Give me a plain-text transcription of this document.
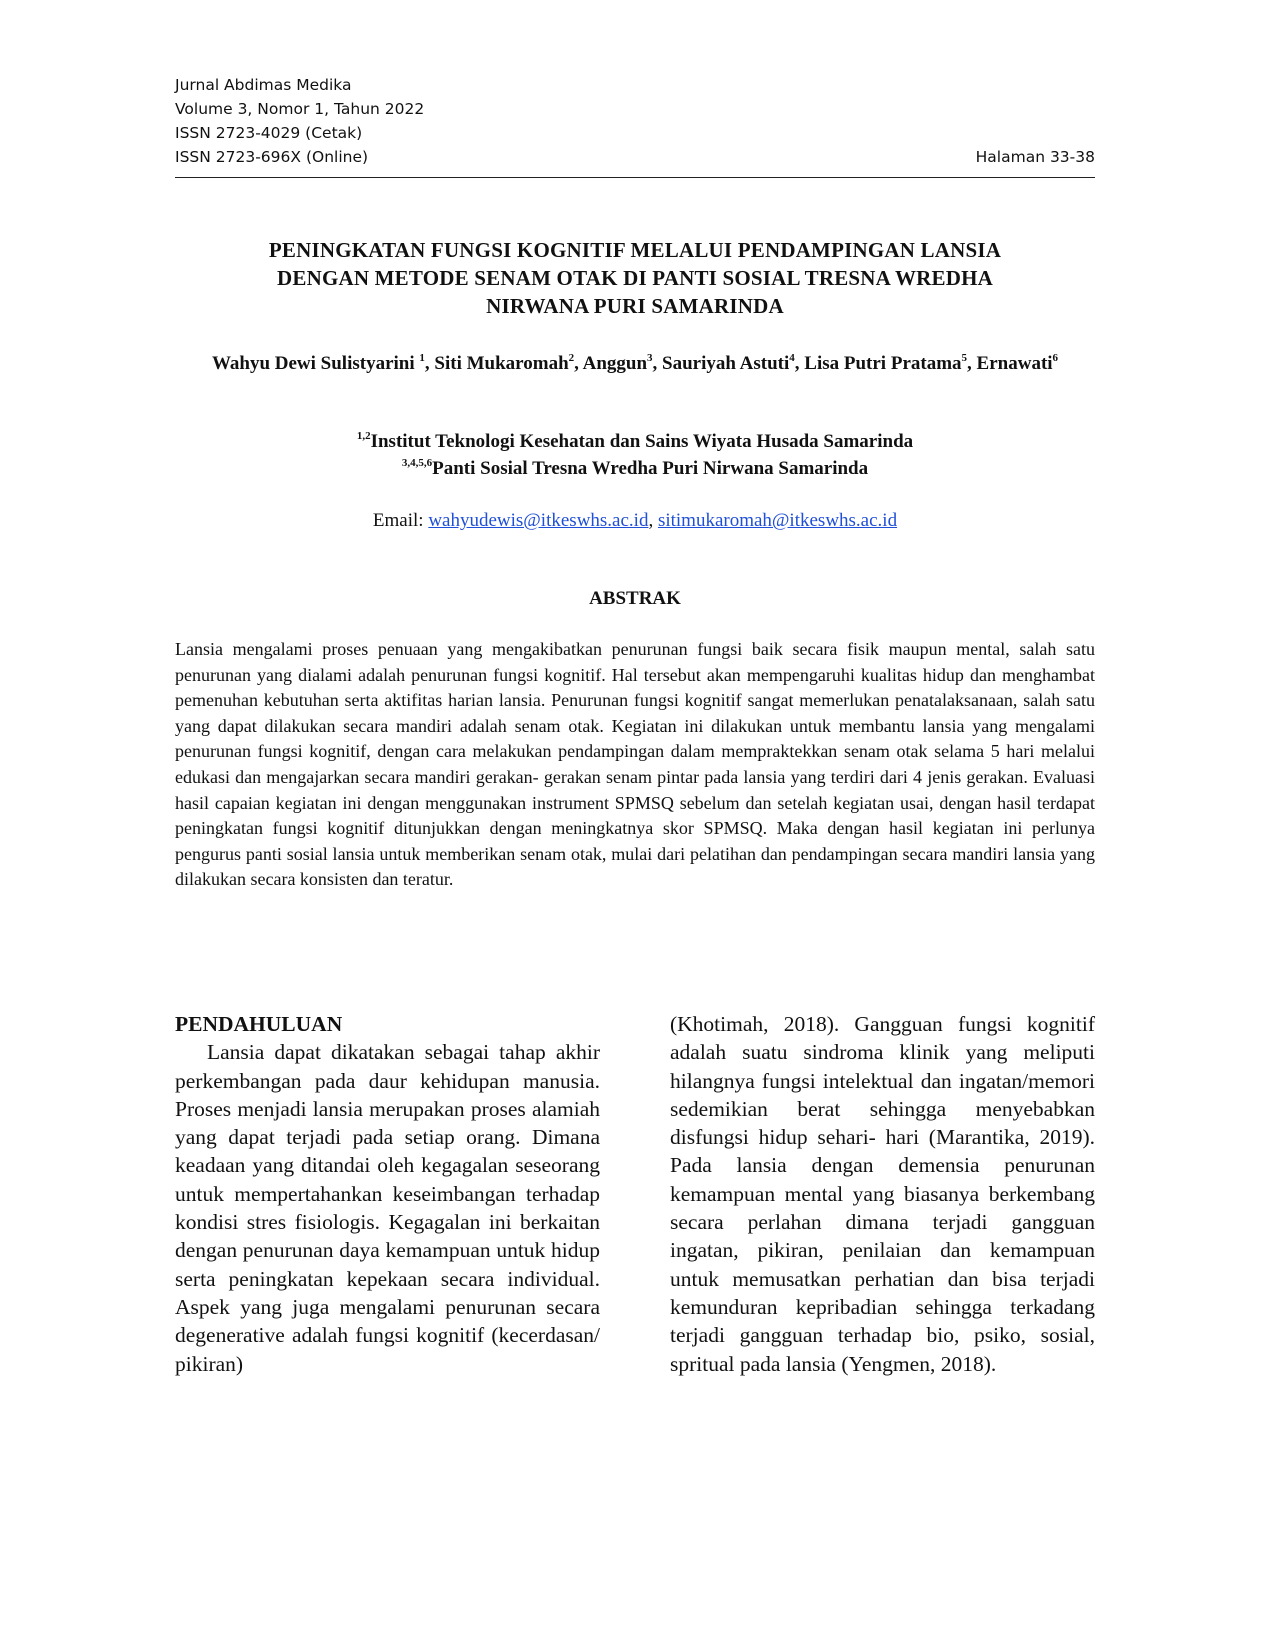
Jurnal Abdimas Medika
Volume 3, Nomor 1, Tahun 2022
ISSN 2723-4029 (Cetak)
ISSN 2723-696X (Online)	Halaman 33-38
PENINGKATAN FUNGSI KOGNITIF MELALUI PENDAMPINGAN LANSIA
DENGAN METODE SENAM OTAK DI PANTI SOSIAL TRESNA WREDHA
NIRWANA PURI SAMARINDA
Wahyu Dewi Sulistyarini $^1$, Siti Mukaromah$^2$, Anggun$^3$, Sauriyah Astuti$^4$, Lisa Putri Pratama$^5$, Ernawati$^6$
$^{1,2}$Institut Teknologi Kesehatan dan Sains Wiyata Husada Samarinda
$^{3,4,5,6}$Panti Sosial Tresna Wredha Puri Nirwana Samarinda
Email: wahyudewis@itkeswhs.ac.id, sitimukaromah@itkeswhs.ac.id
ABSTRAK
Lansia mengalami proses penuaan yang mengakibatkan penurunan fungsi baik secara fisik maupun mental, salah satu penurunan yang dialami adalah penurunan fungsi kognitif. Hal tersebut akan mempengaruhi kualitas hidup dan menghambat pemenuhan kebutuhan serta aktifitas harian lansia. Penurunan fungsi kognitif sangat memerlukan penatalaksanaan, salah satu yang dapat dilakukan secara mandiri adalah senam otak. Kegiatan ini dilakukan untuk membantu lansia yang mengalami penurunan fungsi kognitif, dengan cara melakukan pendampingan dalam mempraktekkan senam otak selama 5 hari melalui edukasi dan mengajarkan secara mandiri gerakan- gerakan senam pintar pada lansia yang terdiri dari 4 jenis gerakan. Evaluasi hasil capaian kegiatan ini dengan menggunakan instrument SPMSQ sebelum dan setelah kegiatan usai, dengan hasil terdapat peningkatan fungsi kognitif ditunjukkan dengan meningkatnya skor SPMSQ. Maka dengan hasil kegiatan ini perlunya pengurus panti sosial lansia untuk memberikan senam otak, mulai dari pelatihan dan pendampingan secara mandiri lansia yang dilakukan secara konsisten dan teratur.
PENDAHULUAN

Lansia dapat dikatakan sebagai tahap akhir perkembangan pada daur kehidupan manusia. Proses menjadi lansia merupakan proses alamiah yang dapat terjadi pada setiap orang. Dimana keadaan yang ditandai oleh kegagalan seseorang untuk mempertahankan keseimbangan terhadap kondisi stres fisiologis. Kegagalan ini berkaitan dengan penurunan daya kemampuan untuk hidup serta peningkatan kepekaan secara individual. Aspek yang juga mengalami penurunan secara degenerative adalah fungsi kognitif (kecerdasan/ pikiran)

(Khotimah, 2018). Gangguan fungsi kognitif adalah suatu sindroma klinik yang meliputi hilangnya fungsi intelektual dan ingatan/memori sedemikian berat sehingga menyebabkan disfungsi hidup sehari- hari (Marantika, 2019). Pada lansia dengan demensia penurunan kemampuan mental yang biasanya berkembang secara perlahan dimana terjadi gangguan ingatan, pikiran, penilaian dan kemampuan untuk memusatkan perhatian dan bisa terjadi kemunduran kepribadian sehingga terkadang terjadi gangguan terhadap bio, psiko, sosial, spritual pada lansia (Yengmen, 2018).
